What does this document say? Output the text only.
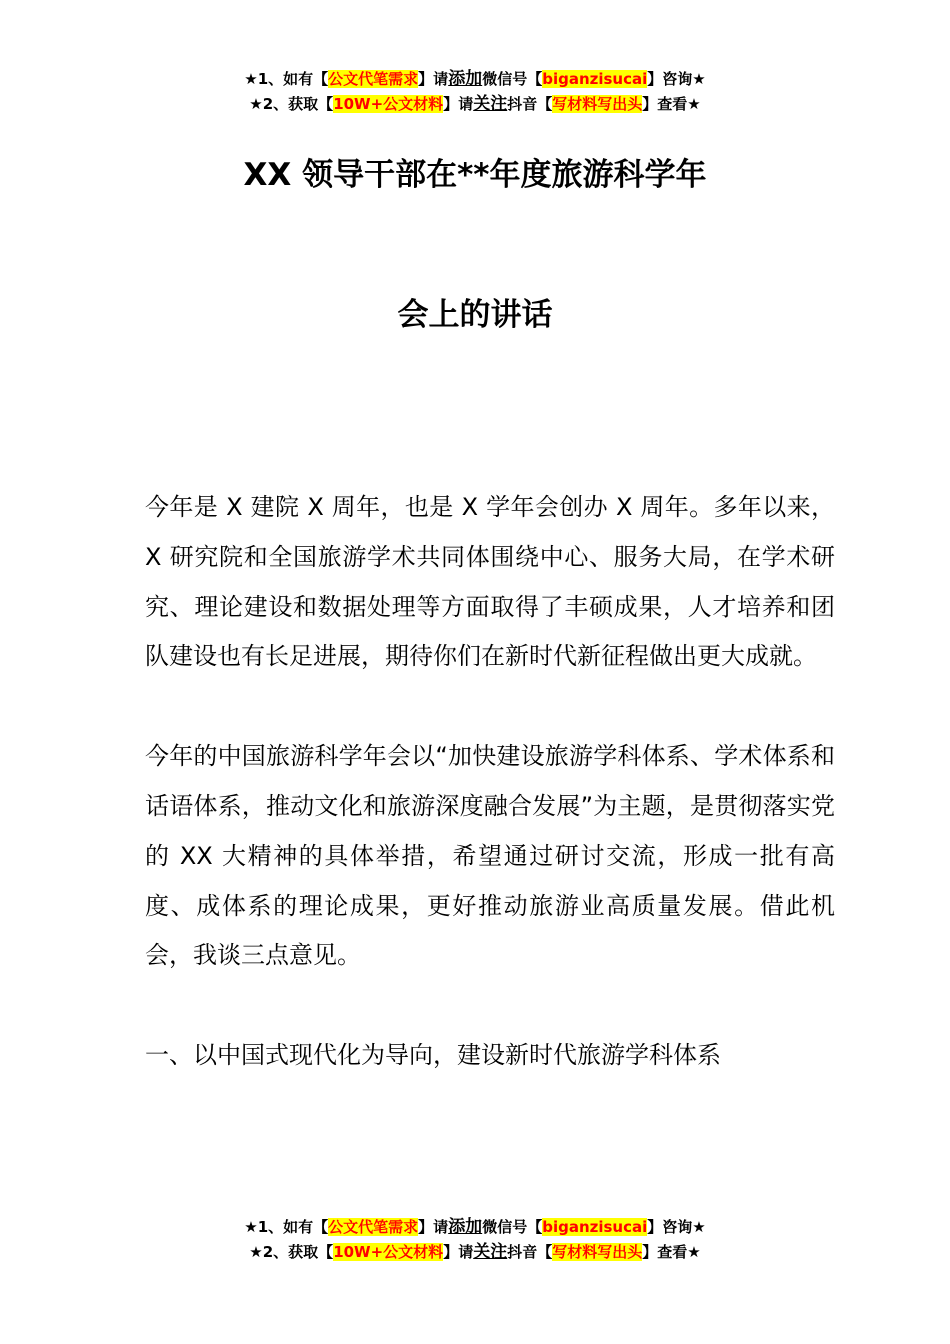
★1、如有【公文代笔需求】请添加微信号【biganzisucai】咨询★
★2、获取【10W+公文材料】请关注抖音【写材料写出头】查看★
XX 领导干部在**年度旅游科学年
会上的讲话

今年是 X 建院 X 周年，也是 X 学年会创办 X 周年。多年以来，X 研究院和全国旅游学术共同体围绕中心、服务大局，在学术研究、理论建设和数据处理等方面取得了丰硕成果，人才培养和团队建设也有长足进展，期待你们在新时代新征程做出更大成就。

今年的中国旅游科学年会以“加快建设旅游学科体系、学术体系和话语体系，推动文化和旅游深度融合发展”为主题，是贯彻落实党的 XX 大精神的具体举措，希望通过研讨交流，形成一批有高度、成体系的理论成果，更好推动旅游业高质量发展。借此机会，我谈三点意见。

一、以中国式现代化为导向，建设新时代旅游学科体系

★1、如有【公文代笔需求】请添加微信号【biganzisucai】咨询★
★2、获取【10W+公文材料】请关注抖音【写材料写出头】查看★
